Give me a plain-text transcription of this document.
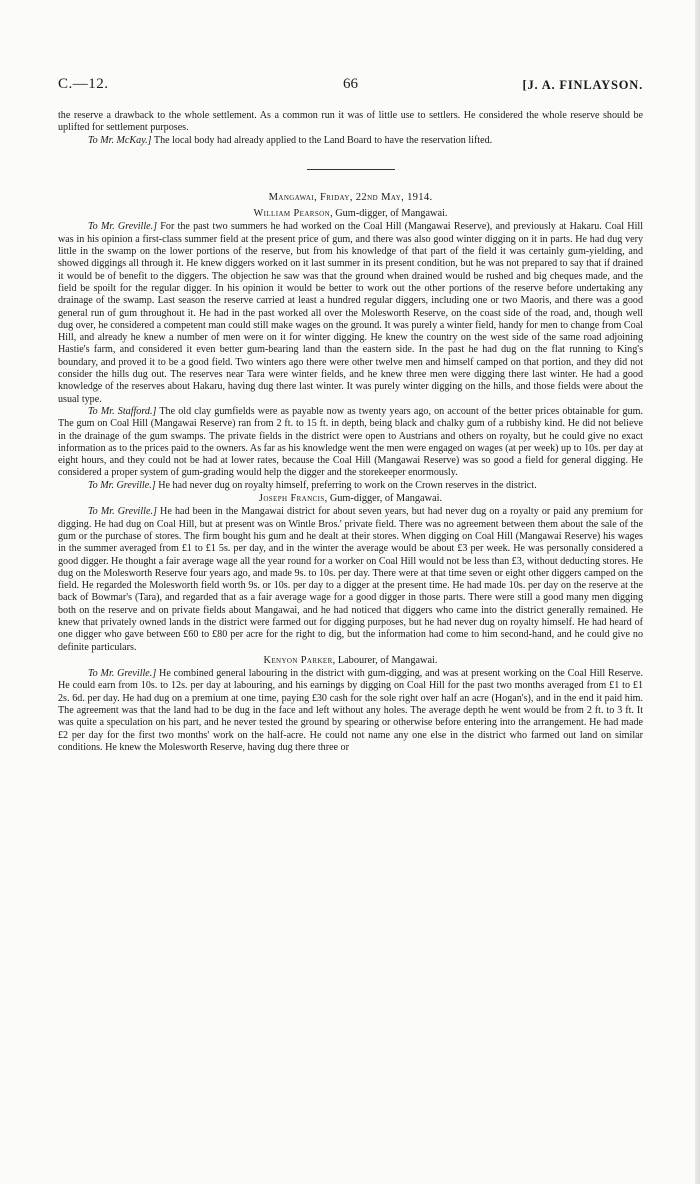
C.—12.	66	[J. A. FINLAYSON.

the reserve a drawback to the whole settlement. As a common run it was of little use to settlers. He considered the whole reserve should be uplifted for settlement purposes.

To Mr. McKay.] The local body had already applied to the Land Board to have the reservation lifted.

Mangawai, Friday, 22nd May, 1914.

William Pearson, Gum-digger, of Mangawai.

To Mr. Greville.] For the past two summers he had worked on the Coal Hill (Mangawai Reserve), and previously at Hakaru. Coal Hill was in his opinion a first-class summer field at the present price of gum, and there was also good winter digging on it in parts. He had dug very little in the swamp on the lower portions of the reserve, but from his knowledge of that part of the field it was certainly gum-yielding, and showed diggings all through it. He knew diggers worked on it last summer in its present condition, but he was not prepared to say that if drained it would be of benefit to the diggers. The objection he saw was that the ground when drained would be rushed and big cheques made, and the field be spoilt for the regular digger. In his opinion it would be better to work out the other portions of the reserve before undertaking any drainage of the swamp. Last season the reserve carried at least a hundred regular diggers, including one or two Maoris, and there was a good general run of gum throughout it. He had in the past worked all over the Molesworth Reserve, on the coast side of the road, and, though well dug over, he considered a competent man could still make wages on the ground. It was purely a winter field, handy for men to change from Coal Hill, and already he knew a number of men were on it for winter digging. He knew the country on the west side of the same road adjoining Hastie's farm, and considered it even better gum-bearing land than the eastern side. In the past he had dug on the flat running to King's boundary, and proved it to be a good field. Two winters ago there were other twelve men and himself camped on that portion, and they did not consider the hills dug out. The reserves near Tara were winter fields, and he knew three men were digging there last winter. He had a good knowledge of the reserves about Hakaru, having dug there last winter. It was purely winter digging on the hills, and those fields were about the usual type.

To Mr. Stafford.] The old clay gumfields were as payable now as twenty years ago, on account of the better prices obtainable for gum. The gum on Coal Hill (Mangawai Reserve) ran from 2 ft. to 15 ft. in depth, being black and chalky gum of a rubbishy kind. He did not believe in the drainage of the gum swamps. The private fields in the district were open to Austrians and others on royalty, but he could give no exact information as to the prices paid to the owners. As far as his knowledge went the men were engaged on wages (at per week) up to 10s. per day at eight hours, and they could not be had at lower rates, because the Coal Hill (Mangawai Reserve) was so good a field for general digging. He considered a proper system of gum-grading would help the digger and the storekeeper enormously.

To Mr. Greville.] He had never dug on royalty himself, preferring to work on the Crown reserves in the district.

Joseph Francis, Gum-digger, of Mangawai.

To Mr. Greville.] He had been in the Mangawai district for about seven years, but had never dug on a royalty or paid any premium for digging. He had dug on Coal Hill, but at present was on Wintle Bros.' private field. There was no agreement between them about the sale of the gum or the purchase of stores. The firm bought his gum and he dealt at their stores. When digging on Coal Hill (Mangawai Reserve) his wages in the summer averaged from £1 to £1 5s. per day, and in the winter the average would be about £3 per week. He was personally considered a good digger. He thought a fair average wage all the year round for a worker on Coal Hill would not be less than £3, without deducting stores. He dug on the Molesworth Reserve four years ago, and made 9s. to 10s. per day. There were at that time seven or eight other diggers camped on the field. He regarded the Molesworth field worth 9s. or 10s. per day to a digger at the present time. He had made 10s. per day on the reserve at the back of Bowmar's (Tara), and regarded that as a fair average wage for a good digger in those parts. There were still a good many men digging both on the reserve and on private fields about Mangawai, and he had noticed that diggers who came into the district generally remained. He knew that privately owned lands in the district were farmed out for digging purposes, but he had never dug on royalty himself. He had heard of one digger who gave between £60 to £80 per acre for the right to dig, but the information had come to him second-hand, and he could give no definite particulars.

Kenyon Parker, Labourer, of Mangawai.

To Mr. Greville.] He combined general labouring in the district with gum-digging, and was at present working on the Coal Hill Reserve. He could earn from 10s. to 12s. per day at labouring, and his earnings by digging on Coal Hill for the past two months averaged from £1 to £1 2s. 6d. per day. He had dug on a premium at one time, paying £30 cash for the sole right over half an acre (Hogan's), and in the end it paid him. The agreement was that the land had to be dug in the face and left without any holes. The average depth he went would be from 2 ft. to 3 ft. It was quite a speculation on his part, and he never tested the ground by spearing or otherwise before entering into the arrangement. He had made £2 per day for the first two months' work on the half-acre. He could not name any one else in the district who farmed out land on similar conditions. He knew the Molesworth Reserve, having dug there three or
